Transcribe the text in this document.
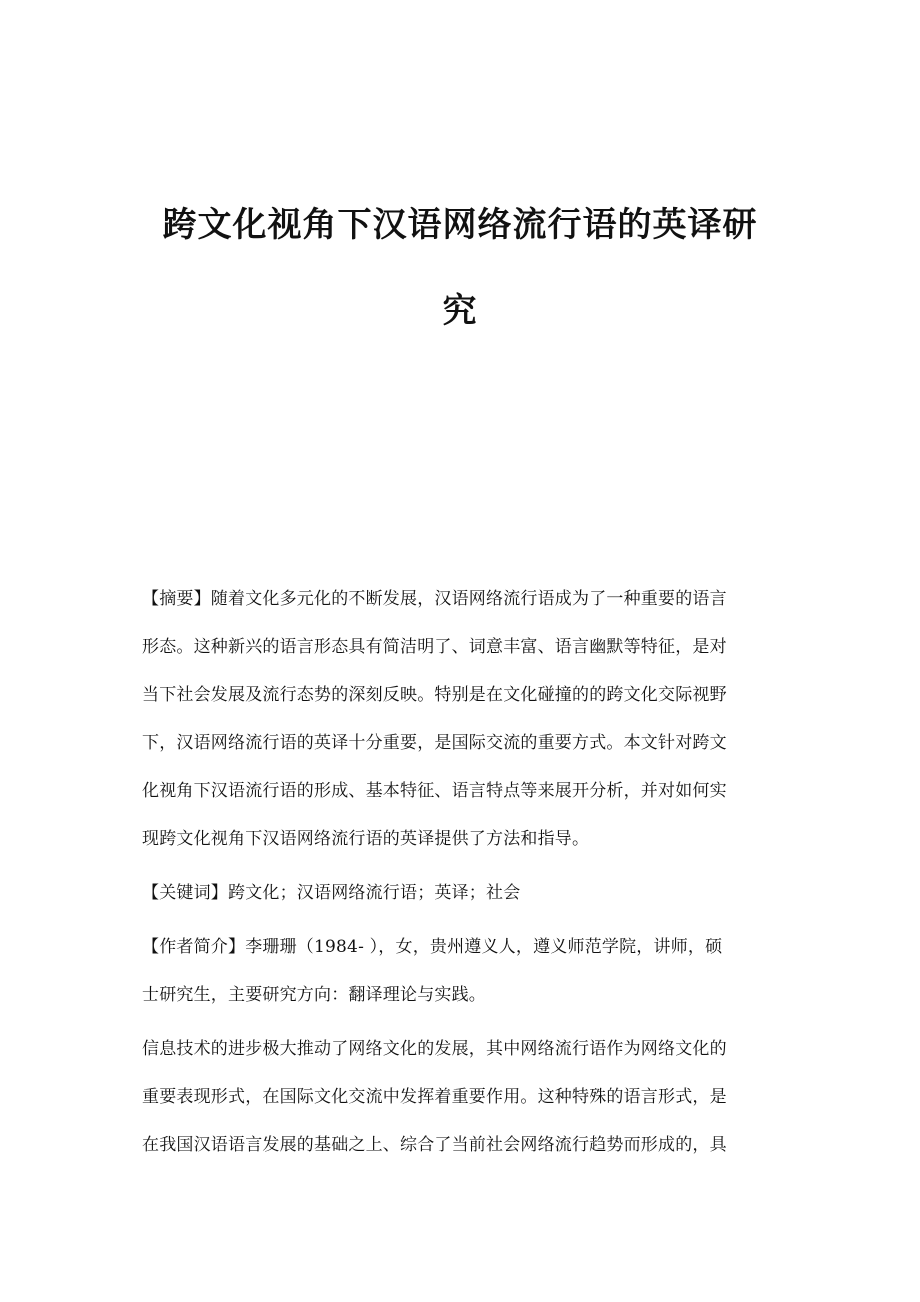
跨文化视角下汉语网络流行语的英译研
究

【摘要】随着文化多元化的不断发展，汉语网络流行语成为了一种重要的语言
形态。这种新兴的语言形态具有简洁明了、词意丰富、语言幽默等特征，是对
当下社会发展及流行态势的深刻反映。特别是在文化碰撞的的跨文化交际视野
下，汉语网络流行语的英译十分重要，是国际交流的重要方式。本文针对跨文
化视角下汉语流行语的形成、基本特征、语言特点等来展开分析，并对如何实
现跨文化视角下汉语网络流行语的英译提供了方法和指导。

【关键词】跨文化；汉语网络流行语；英译；社会

【作者简介】李珊珊（1984- ），女，贵州遵义人，遵义师范学院，讲师，硕
士研究生，主要研究方向：翻译理论与实践。

信息技术的进步极大推动了网络文化的发展，其中网络流行语作为网络文化的
重要表现形式，在国际文化交流中发挥着重要作用。这种特殊的语言形式，是
在我国汉语语言发展的基础之上、综合了当前社会网络流行趋势而形成的，具
